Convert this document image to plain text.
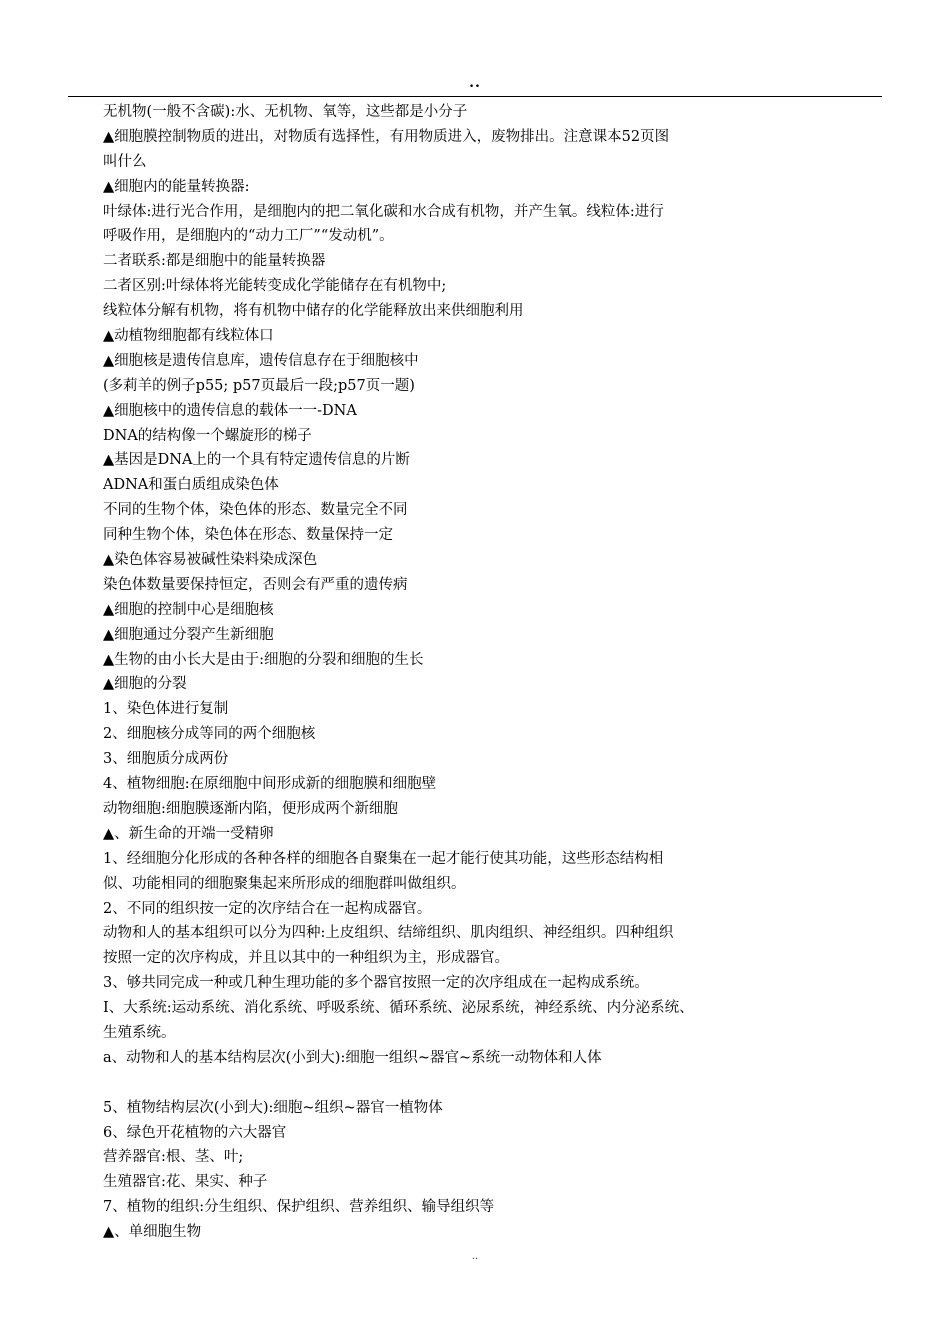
..
无机物(一般不含碳):水、无机物、氧等，这些都是小分子
▲细胞膜控制物质的进出，对物质有选择性，有用物质进入，废物排出。注意课本52页图
叫什么
▲细胞内的能量转换器:
叶绿体:进行光合作用，是细胞内的把二氧化碳和水合成有机物，并产生氧。线粒体:进行
呼吸作用，是细胞内的“动力工厂”“发动机”。
二者联系:都是细胞中的能量转换器
二者区别:叶绿体将光能转变成化学能储存在有机物中;
线粒体分解有机物，将有机物中储存的化学能释放出来供细胞利用
▲动植物细胞都有线粒体口
▲细胞核是遗传信息库，遗传信息存在于细胞核中
(多莉羊的例子p55; p57页最后一段;p57页一题)
▲细胞核中的遗传信息的载体一一-DNA
DNA的结构像一个螺旋形的梯子
▲基因是DNA上的一个具有特定遗传信息的片断
ADNA和蛋白质组成染色体
不同的生物个体，染色体的形态、数量完全不同
同种生物个体，染色体在形态、数量保持一定
▲染色体容易被碱性染料染成深色
染色体数量要保持恒定，否则会有严重的遗传病
▲细胞的控制中心是细胞核
▲细胞通过分裂产生新细胞
▲生物的由小长大是由于:细胞的分裂和细胞的生长
▲细胞的分裂
1、染色体进行复制
2、细胞核分成等同的两个细胞核
3、细胞质分成两份
4、植物细胞:在原细胞中间形成新的细胞膜和细胞壁
动物细胞:细胞膜逐渐内陷，便形成两个新细胞
▲、新生命的开端一受精卵
1、经细胞分化形成的各种各样的细胞各自聚集在一起才能行使其功能，这些形态结构相
似、功能相同的细胞聚集起来所形成的细胞群叫做组织。
2、不同的组织按一定的次序结合在一起构成器官。
动物和人的基本组织可以分为四种:上皮组织、结缔组织、肌肉组织、神经组织。四种组织
按照一定的次序构成，并且以其中的一种组织为主，形成器官。
3、够共同完成一种或几种生理功能的多个器官按照一定的次序组成在一起构成系统。
I、大系统:运动系统、消化系统、呼吸系统、循环系统、泌尿系统，神经系统、内分泌系统、
生殖系统。
a、动物和人的基本结构层次(小到大):细胞一组织~器官~系统一动物体和人体
5、植物结构层次(小到大):细胞~组织~器官一植物体
6、绿色开花植物的六大器官
营养器官:根、茎、叶;
生殖器官:花、果实、种子
7、植物的组织:分生组织、保护组织、营养组织、输导组织等
▲、单细胞生物
..
